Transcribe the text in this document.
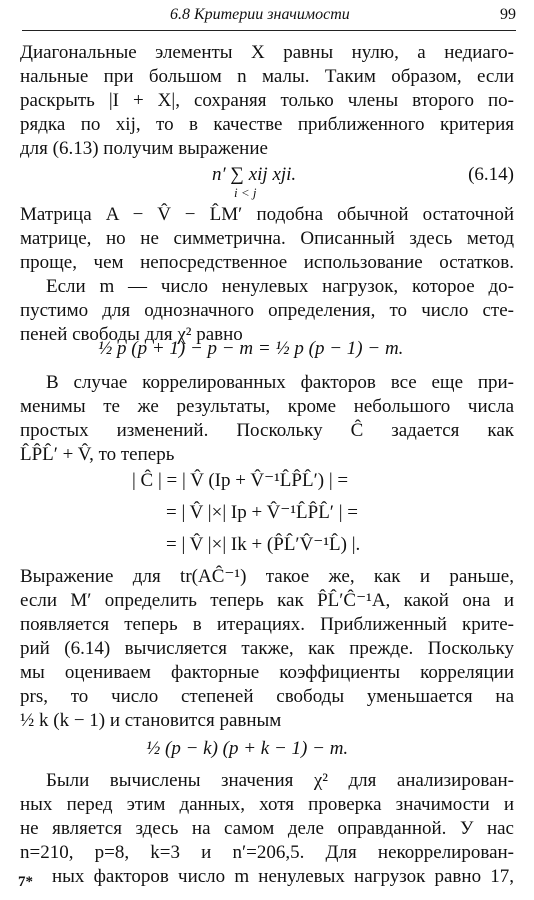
6.8 Критерии значимости	99
Диагональные элементы X равны нулю, а недиаго-
нальные при большом n малы. Таким образом, если
раскрыть |I + X|, сохраняя только члены второго по-
рядка по xij, то в качестве приближенного критерия
для (6.13) получим выражение
n′ ∑ xij xji.
i < j
(6.14)
Матрица A − V̂ − L̂M′ подобна обычной остаточной
матрице, но не симметрична. Описанный здесь метод
проще, чем непосредственное использование остатков.
Если m — число ненулевых нагрузок, которое до-
пустимо для однозначного определения, то число сте-
пеней свободы для χ² равно
½ p (p + 1) − p − m = ½ p (p − 1) − m.
В случае коррелированных факторов все еще при-
менимы те же результаты, кроме небольшого числа
простых изменений. Поскольку Ĉ задается как
L̂P̂L̂′ + V̂, то теперь
| Ĉ | = | V̂ (Ip + V̂⁻¹L̂P̂L̂′) | =
= | V̂ |×| Ip + V̂⁻¹L̂P̂L̂′ | =
= | V̂ |×| Ik + (P̂L̂′V̂⁻¹L̂) |.
Выражение для tr(AĈ⁻¹) такое же, как и раньше,
если M′ определить теперь как P̂L̂′Ĉ⁻¹A, какой она и
появляется теперь в итерациях. Приближенный крите-
рий (6.14) вычисляется также, как прежде. Поскольку
мы оцениваем факторные коэффициенты корреляции
prs, то число степеней свободы уменьшается на
½ k (k − 1) и становится равным
½ (p − k) (p + k − 1) − m.
Были вычислены значения χ² для анализирован-
ных перед этим данных, хотя проверка значимости и
не является здесь на самом деле оправданной. У нас
n=210, p=8, k=3 и n′=206,5. Для некоррелирован-
ных факторов число m ненулевых нагрузок равно 17,
7*
